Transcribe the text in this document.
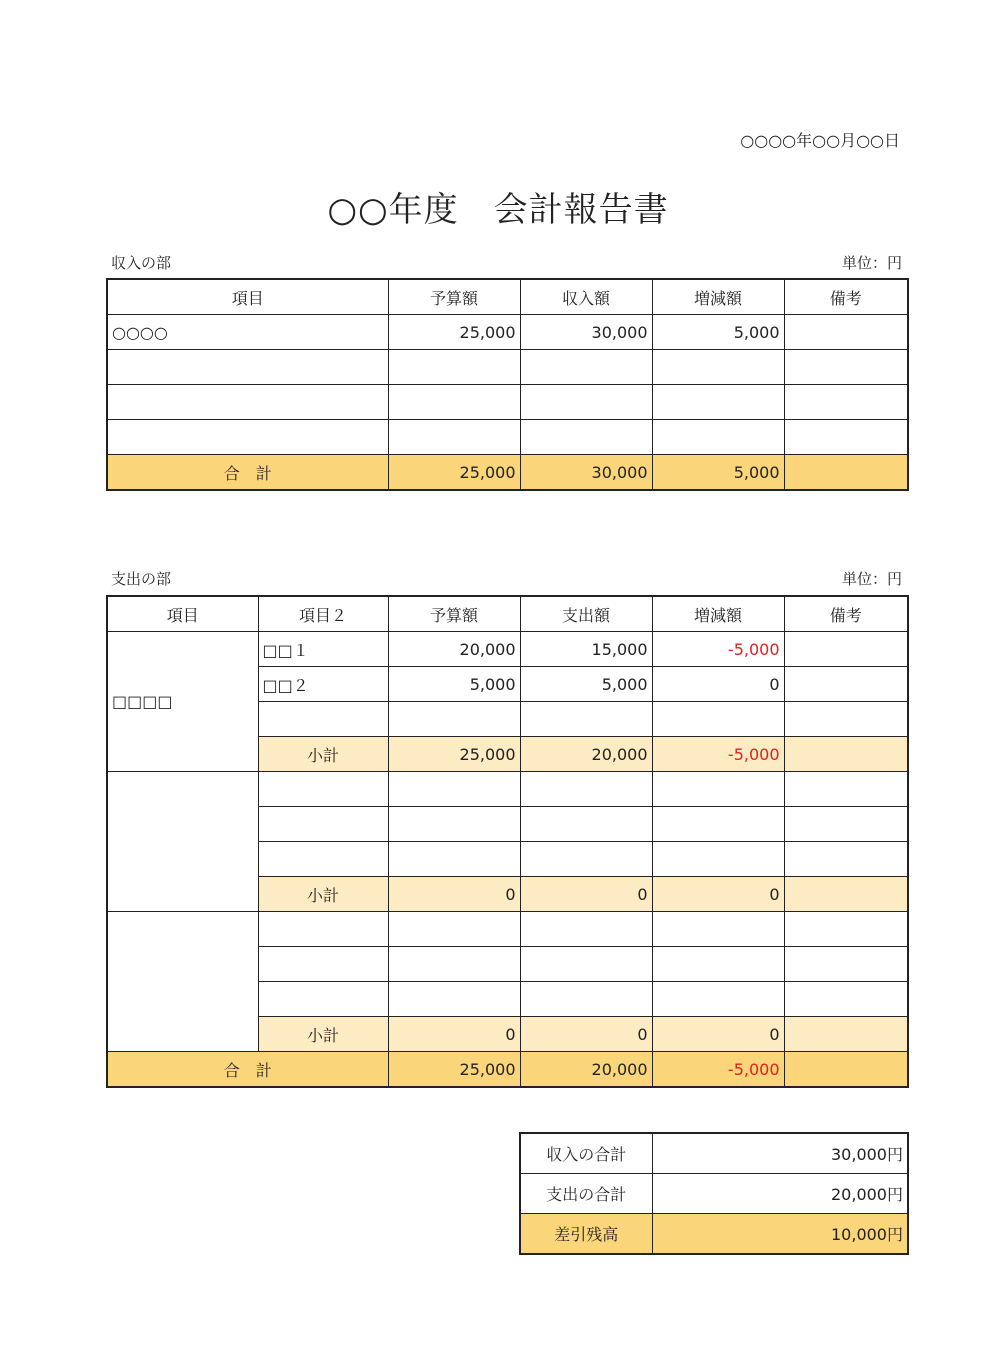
○○○○年○○月○○日
○○年度　会計報告書
収入の部	単位：円
項目	予算額	収入額	増減額	備考
○○○○	25,000	30,000	5,000	

合　計	25,000	30,000	5,000	
支出の部	単位：円
項目	項目２	予算額	支出額	増減額	備考
□□□□	□□１	20,000	15,000	-5,000	
	□□２	5,000	5,000	0	

	小計	25,000	20,000	-5,000	

	小計	0	0	0	

	小計	0	0	0	
合　計		25,000	20,000	-5,000	
収入の合計	30,000円
支出の合計	20,000円
差引残高	10,000円
